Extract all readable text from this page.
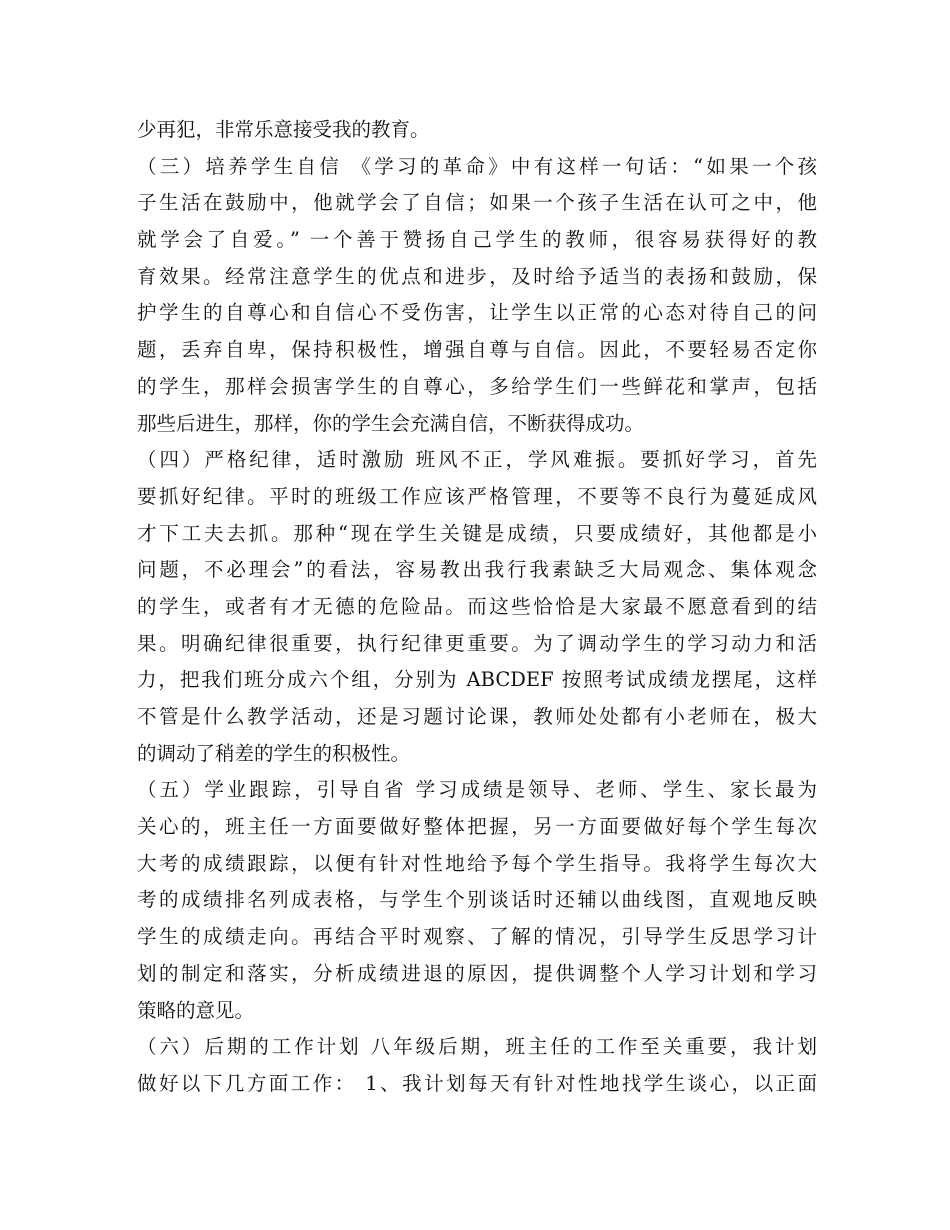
少再犯，非常乐意接受我的教育。
（三）培养学生自信 《学习的革命》中有这样一句话：“如果一个孩
子生活在鼓励中，他就学会了自信；如果一个孩子生活在认可之中，他
就学会了自爱。” 一个善于赞扬自己学生的教师，很容易获得好的教
育效果。经常注意学生的优点和进步，及时给予适当的表扬和鼓励，保
护学生的自尊心和自信心不受伤害，让学生以正常的心态对待自己的问
题，丢弃自卑，保持积极性，增强自尊与自信。因此，不要轻易否定你
的学生，那样会损害学生的自尊心，多给学生们一些鲜花和掌声，包括
那些后进生，那样，你的学生会充满自信，不断获得成功。
（四）严格纪律，适时激励 班风不正，学风难振。要抓好学习，首先
要抓好纪律。平时的班级工作应该严格管理，不要等不良行为蔓延成风
才下工夫去抓。那种“现在学生关键是成绩，只要成绩好，其他都是小
问题，不必理会”的看法，容易教出我行我素缺乏大局观念、集体观念
的学生，或者有才无德的危险品。而这些恰恰是大家最不愿意看到的结
果。明确纪律很重要，执行纪律更重要。为了调动学生的学习动力和活
力，把我们班分成六个组，分别为 ABCDEF 按照考试成绩龙摆尾，这样
不管是什么教学活动，还是习题讨论课，教师处处都有小老师在，极大
的调动了稍差的学生的积极性。
（五）学业跟踪，引导自省 学习成绩是领导、老师、学生、家长最为
关心的，班主任一方面要做好整体把握，另一方面要做好每个学生每次
大考的成绩跟踪，以便有针对性地给予每个学生指导。我将学生每次大
考的成绩排名列成表格，与学生个别谈话时还辅以曲线图，直观地反映
学生的成绩走向。再结合平时观察、了解的情况，引导学生反思学习计
划的制定和落实，分析成绩进退的原因，提供调整个人学习计划和学习
策略的意见。
（六）后期的工作计划 八年级后期，班主任的工作至关重要，我计划
做好以下几方面工作： 1、我计划每天有针对性地找学生谈心，以正面
